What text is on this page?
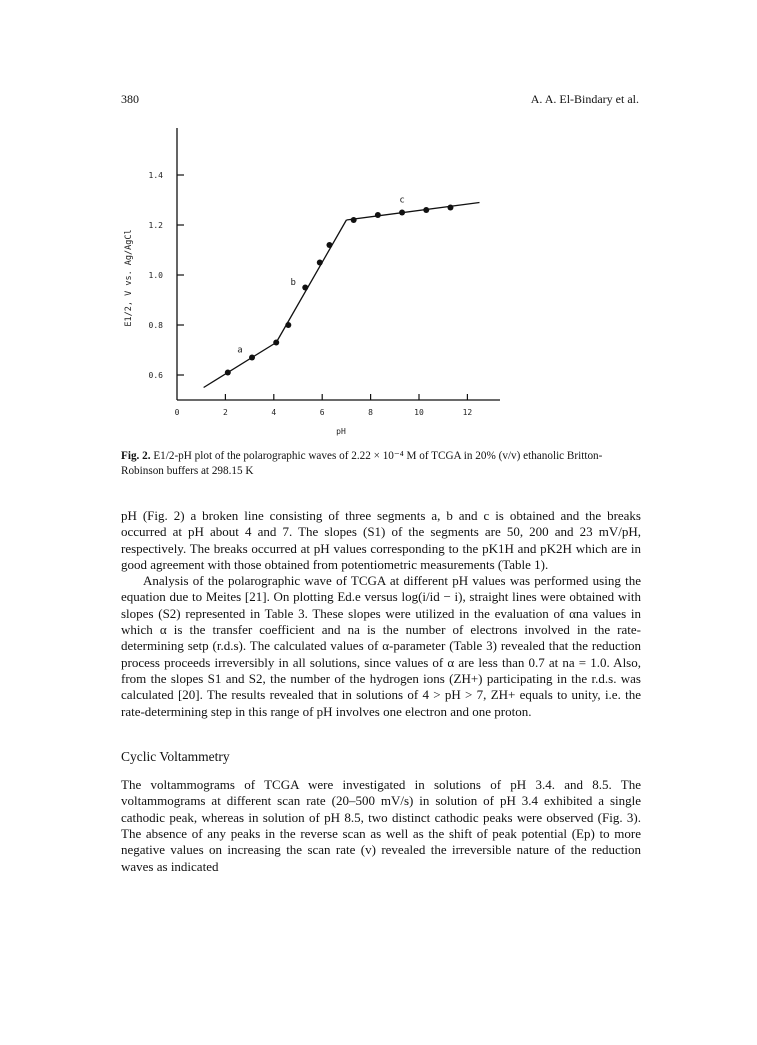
380	A. A. El-Bindary et al.
0.6
0.8
1.0
1.2
1.4
0	2	4	6	8	10	12
a
b
c
E1/2, V vs. Ag/AgCl
pH
Fig. 2. E1/2-pH plot of the polarographic waves of 2.22 × 10⁻⁴ M of TCGA in 20% (v/v) ethanolic Britton-Robinson buffers at 298.15 K

pH (Fig. 2) a broken line consisting of three segments a, b and c is obtained and the breaks occurred at pH about 4 and 7. The slopes (S1) of the segments are 50, 200 and 23 mV/pH, respectively. The breaks occurred at pH values corresponding to the pK1H and pK2H which are in good agreement with those obtained from potentiometric measurements (Table 1).

Analysis of the polarographic wave of TCGA at different pH values was performed using the equation due to Meites [21]. On plotting Ed.e versus log(i/id − i), straight lines were obtained with slopes (S2) represented in Table 3. These slopes were utilized in the evaluation of αna values in which α is the transfer coefficient and na is the number of electrons involved in the rate-determining setp (r.d.s). The calculated values of α-parameter (Table 3) revealed that the reduction process proceeds irreversibly in all solutions, since values of α are less than 0.7 at na = 1.0. Also, from the slopes S1 and S2, the number of the hydrogen ions (ZH+) participating in the r.d.s. was calculated [20]. The results revealed that in solutions of 4 > pH > 7, ZH+ equals to unity, i.e. the rate-determining step in this range of pH involves one electron and one proton.

Cyclic Voltammetry

The voltammograms of TCGA were investigated in solutions of pH 3.4. and 8.5. The voltammograms at different scan rate (20–500 mV/s) in solution of pH 3.4 exhibited a single cathodic peak, whereas in solution of pH 8.5, two distinct cathodic peaks were observed (Fig. 3). The absence of any peaks in the reverse scan as well as the shift of peak potential (Ep) to more negative values on increasing the scan rate (v) revealed the irreversible nature of the reduction waves as indicated
